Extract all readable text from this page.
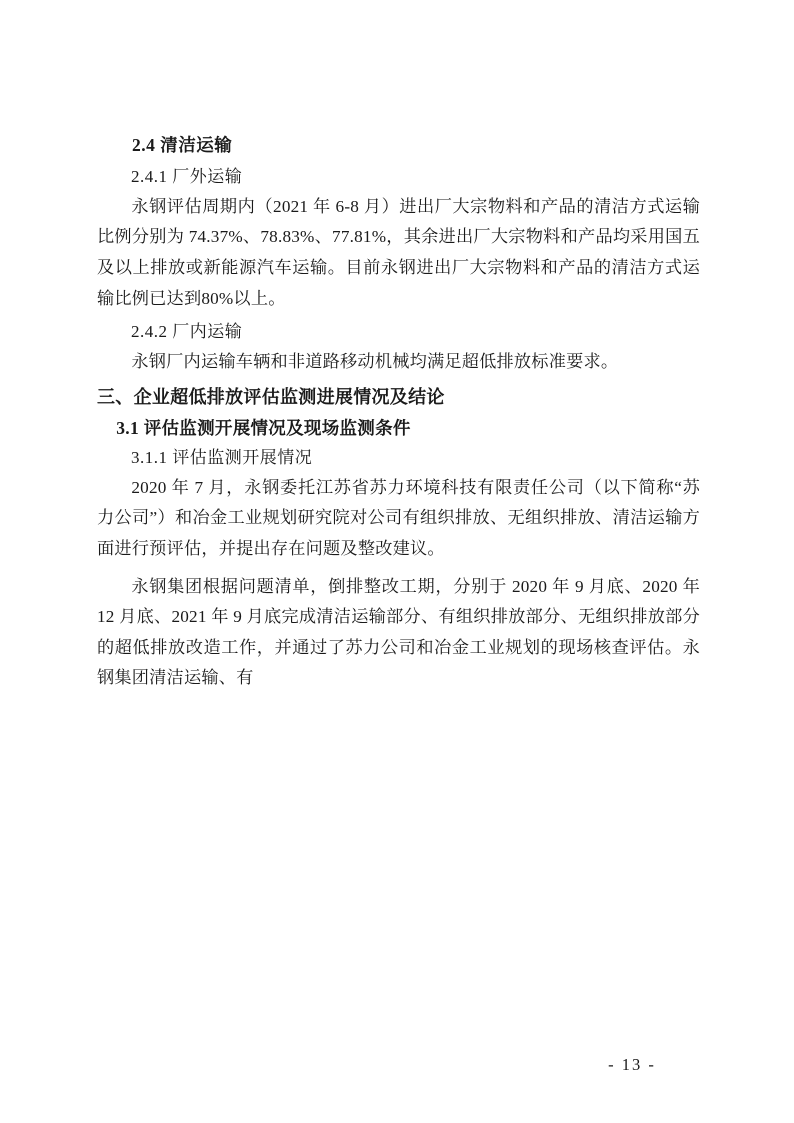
2.4 清洁运输
2.4.1 厂外运输

永钢评估周期内（2021 年 6-8 月）进出厂大宗物料和产品的清洁方式运输比例分别为 74.37%、78.83%、77.81%，其余进出厂大宗物料和产品均采用国五及以上排放或新能源汽车运输。目前永钢进出厂大宗物料和产品的清洁方式运输比例已达到80%以上。

2.4.2 厂内运输

永钢厂内运输车辆和非道路移动机械均满足超低排放标准要求。

三、企业超低排放评估监测进展情况及结论
3.1 评估监测开展情况及现场监测条件
3.1.1 评估监测开展情况

2020 年 7 月，永钢委托江苏省苏力环境科技有限责任公司（以下简称“苏力公司”）和冶金工业规划研究院对公司有组织排放、无组织排放、清洁运输方面进行预评估，并提出存在问题及整改建议。

永钢集团根据问题清单，倒排整改工期，分别于 2020 年 9 月底、2020 年 12 月底、2021 年 9 月底完成清洁运输部分、有组织排放部分、无组织排放部分的超低排放改造工作，并通过了苏力公司和冶金工业规划的现场核查评估。永钢集团清洁运输、有

- 13 -
